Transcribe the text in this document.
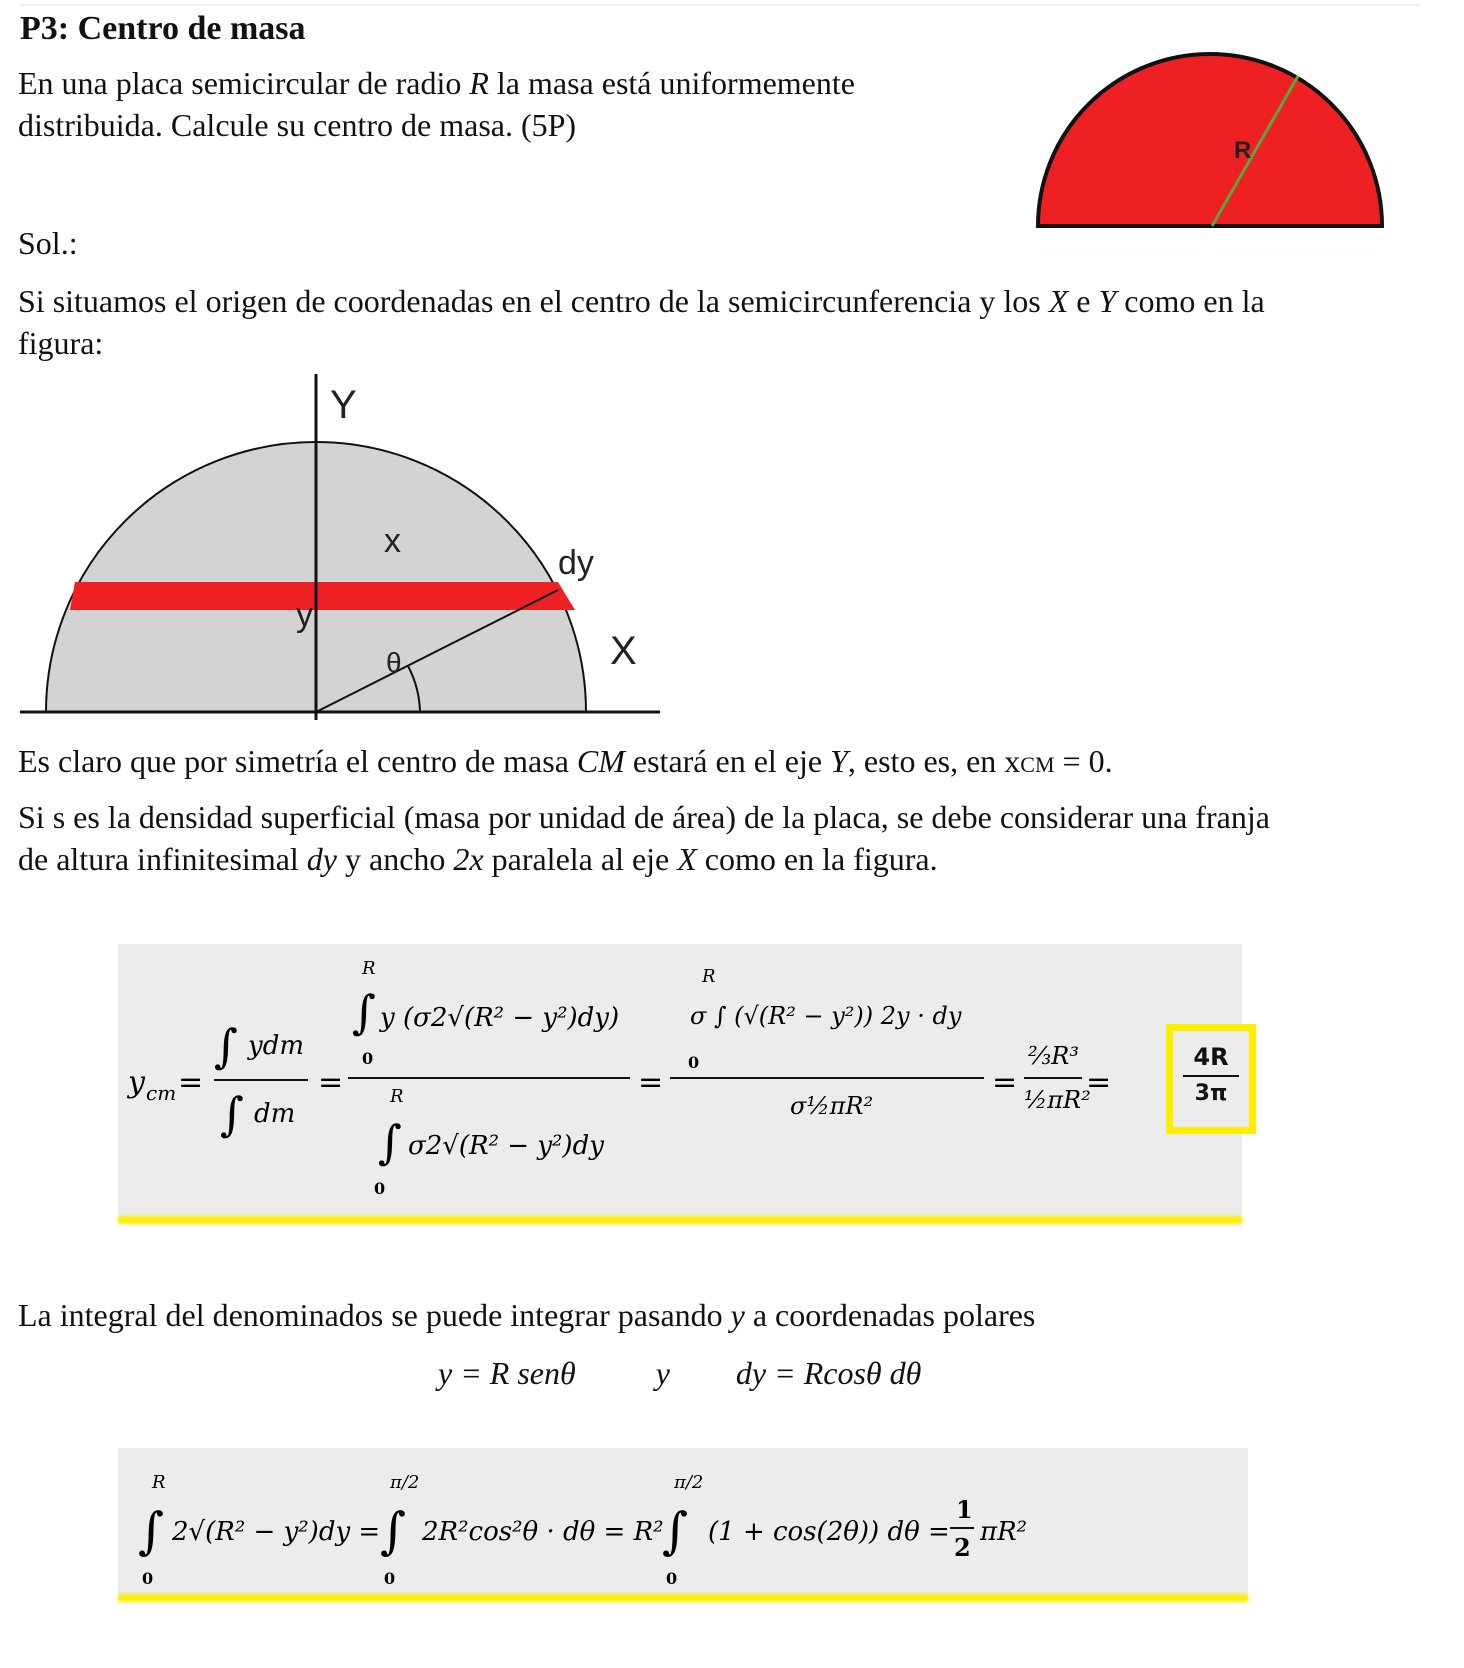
P3: Centro de masa
En una placa semicircular de radio R la masa está uniformemente
distribuida. Calcule su centro de masa. (5P)
R
Sol.:
Si situamos el origen de coordenadas en el centro de la semicircunferencia y los X e Y como en la
figura:
Y
X
x
y
dy
θ
Es claro que por simetría el centro de masa CM estará en el eje Y, esto es, en xCM = 0.
Si s es la densidad superficial (masa por unidad de área) de la placa, se debe considerar una franja
de altura infinitesimal dy y ancho 2x paralela al eje X como en la figura.
y cm =
∫ ydm
∫ dm
=
R
∫
0
y (σ2√(R² − y²)dy)
R
∫
0
σ2√(R² − y²)dy
=
R
σ ∫ (√(R² − y²)) 2y · dy
0
σ½πR²
=
⅔R³
½πR²
=
4R
3π
La integral del denominados se puede integrar pasando y a coordenadas polares
y = R senθ	y dy = Rcosθ dθ
R
∫
0
2√(R² − y²)dy =
π/2
∫
0
2R²cos²θ · dθ = R²
π/2
∫
0
(1 + cos(2θ)) dθ =
1
2
πR²
